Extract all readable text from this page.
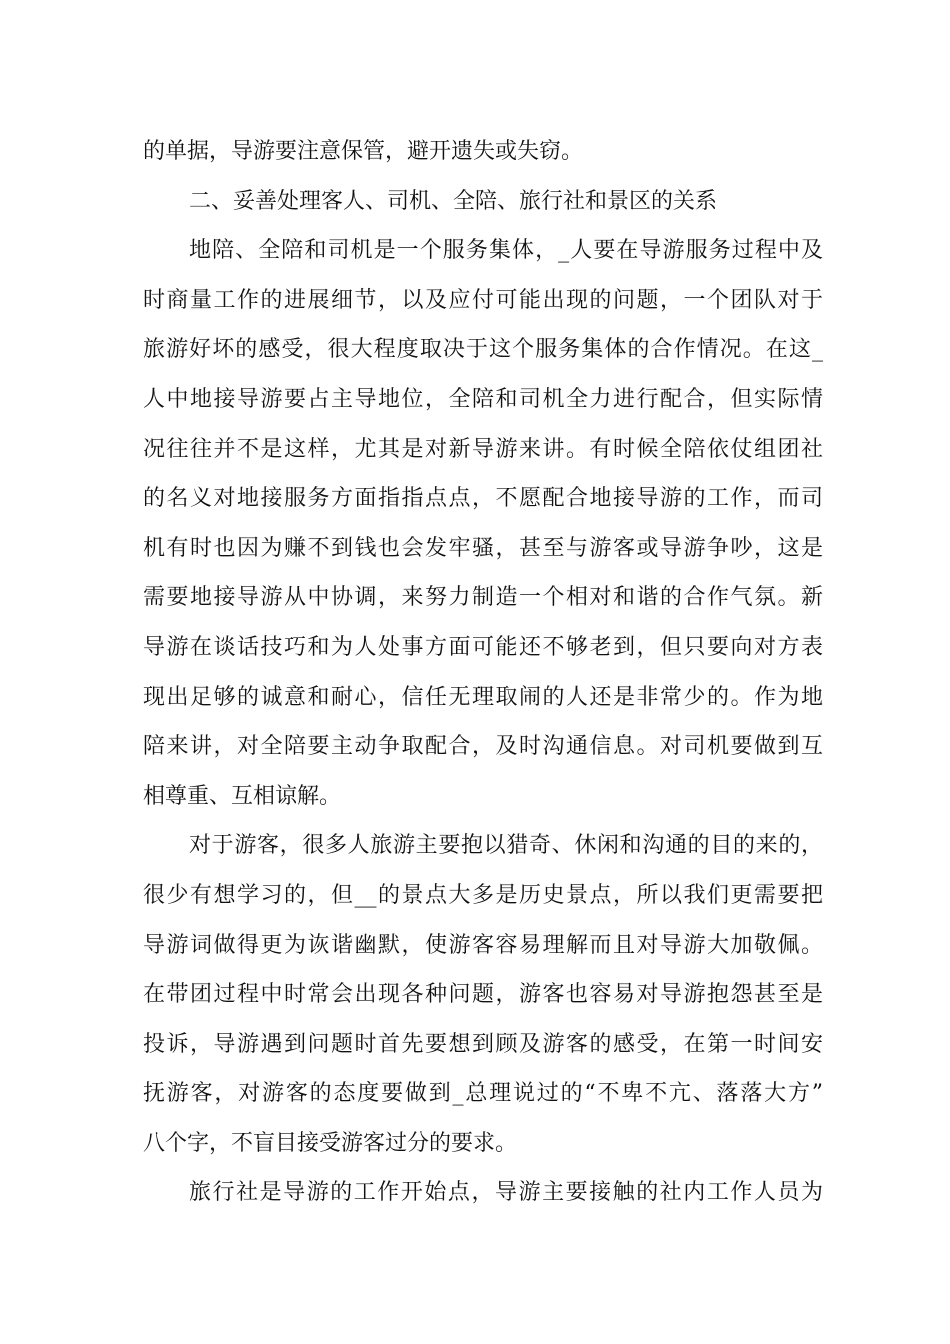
的单据，导游要注意保管，避开遗失或失窃。
二、妥善处理客人、司机、全陪、旅行社和景区的关系
地陪、全陪和司机是一个服务集体，_人要在导游服务过程中及
时商量工作的进展细节，以及应付可能出现的问题，一个团队对于
旅游好坏的感受，很大程度取决于这个服务集体的合作情况。在这_
人中地接导游要占主导地位，全陪和司机全力进行配合，但实际情
况往往并不是这样，尤其是对新导游来讲。有时候全陪依仗组团社
的名义对地接服务方面指指点点，不愿配合地接导游的工作，而司
机有时也因为赚不到钱也会发牢骚，甚至与游客或导游争吵，这是
需要地接导游从中协调，来努力制造一个相对和谐的合作气氛。新
导游在谈话技巧和为人处事方面可能还不够老到，但只要向对方表
现出足够的诚意和耐心，信任无理取闹的人还是非常少的。作为地
陪来讲，对全陪要主动争取配合，及时沟通信息。对司机要做到互
相尊重、互相谅解。
对于游客，很多人旅游主要抱以猎奇、休闲和沟通的目的来的，
很少有想学习的，但__的景点大多是历史景点，所以我们更需要把
导游词做得更为诙谐幽默，使游客容易理解而且对导游大加敬佩。
在带团过程中时常会出现各种问题，游客也容易对导游抱怨甚至是
投诉，导游遇到问题时首先要想到顾及游客的感受，在第一时间安
抚游客，对游客的态度要做到_总理说过的“不卑不亢、落落大方”
八个字，不盲目接受游客过分的要求。
旅行社是导游的工作开始点，导游主要接触的社内工作人员为
